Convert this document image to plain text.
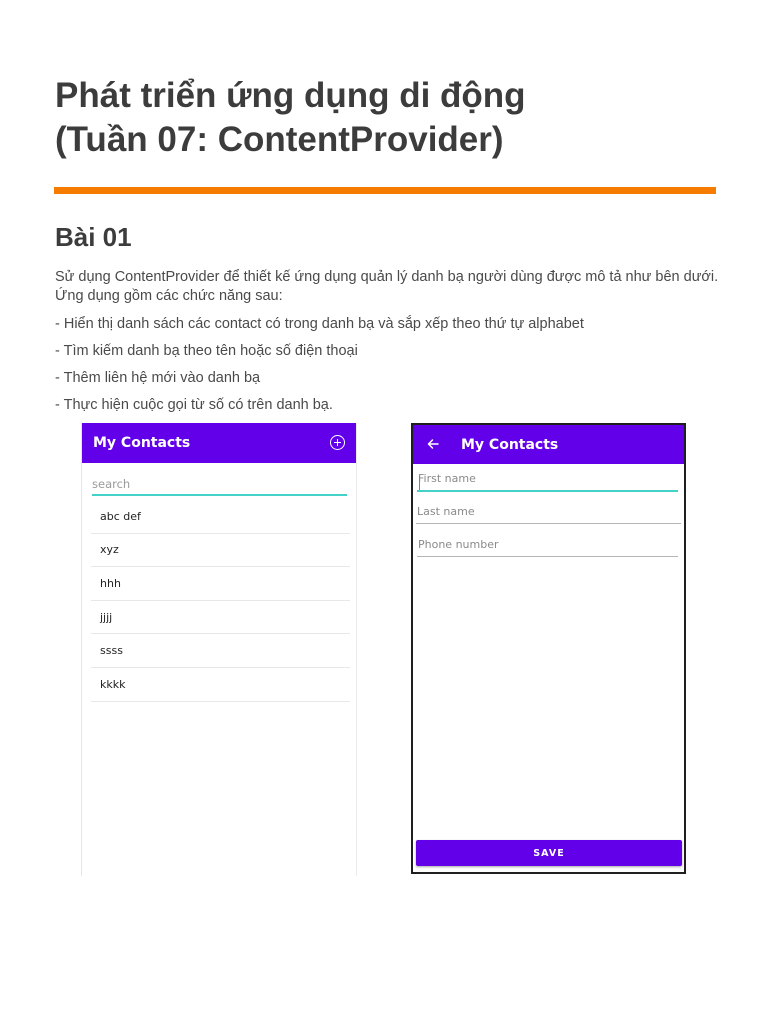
Phát triển ứng dụng di động
(Tuần 07: ContentProvider)
Bài 01

Sử dụng ContentProvider để thiết kế ứng dụng quản lý danh bạ người dùng được mô tả như bên dưới. Ứng dụng gồm các chức năng sau:

- Hiển thị danh sách các contact có trong danh bạ và sắp xếp theo thứ tự alphabet

- Tìm kiếm danh bạ theo tên hoặc số điện thoại

- Thêm liên hệ mới vào danh bạ

- Thực hiện cuộc gọi từ số có trên danh bạ.

My Contacts
search
abc def
xyz
hhh
jjjj
ssss
kkkk
My Contacts
First name
Last name
Phone number
SAVE
